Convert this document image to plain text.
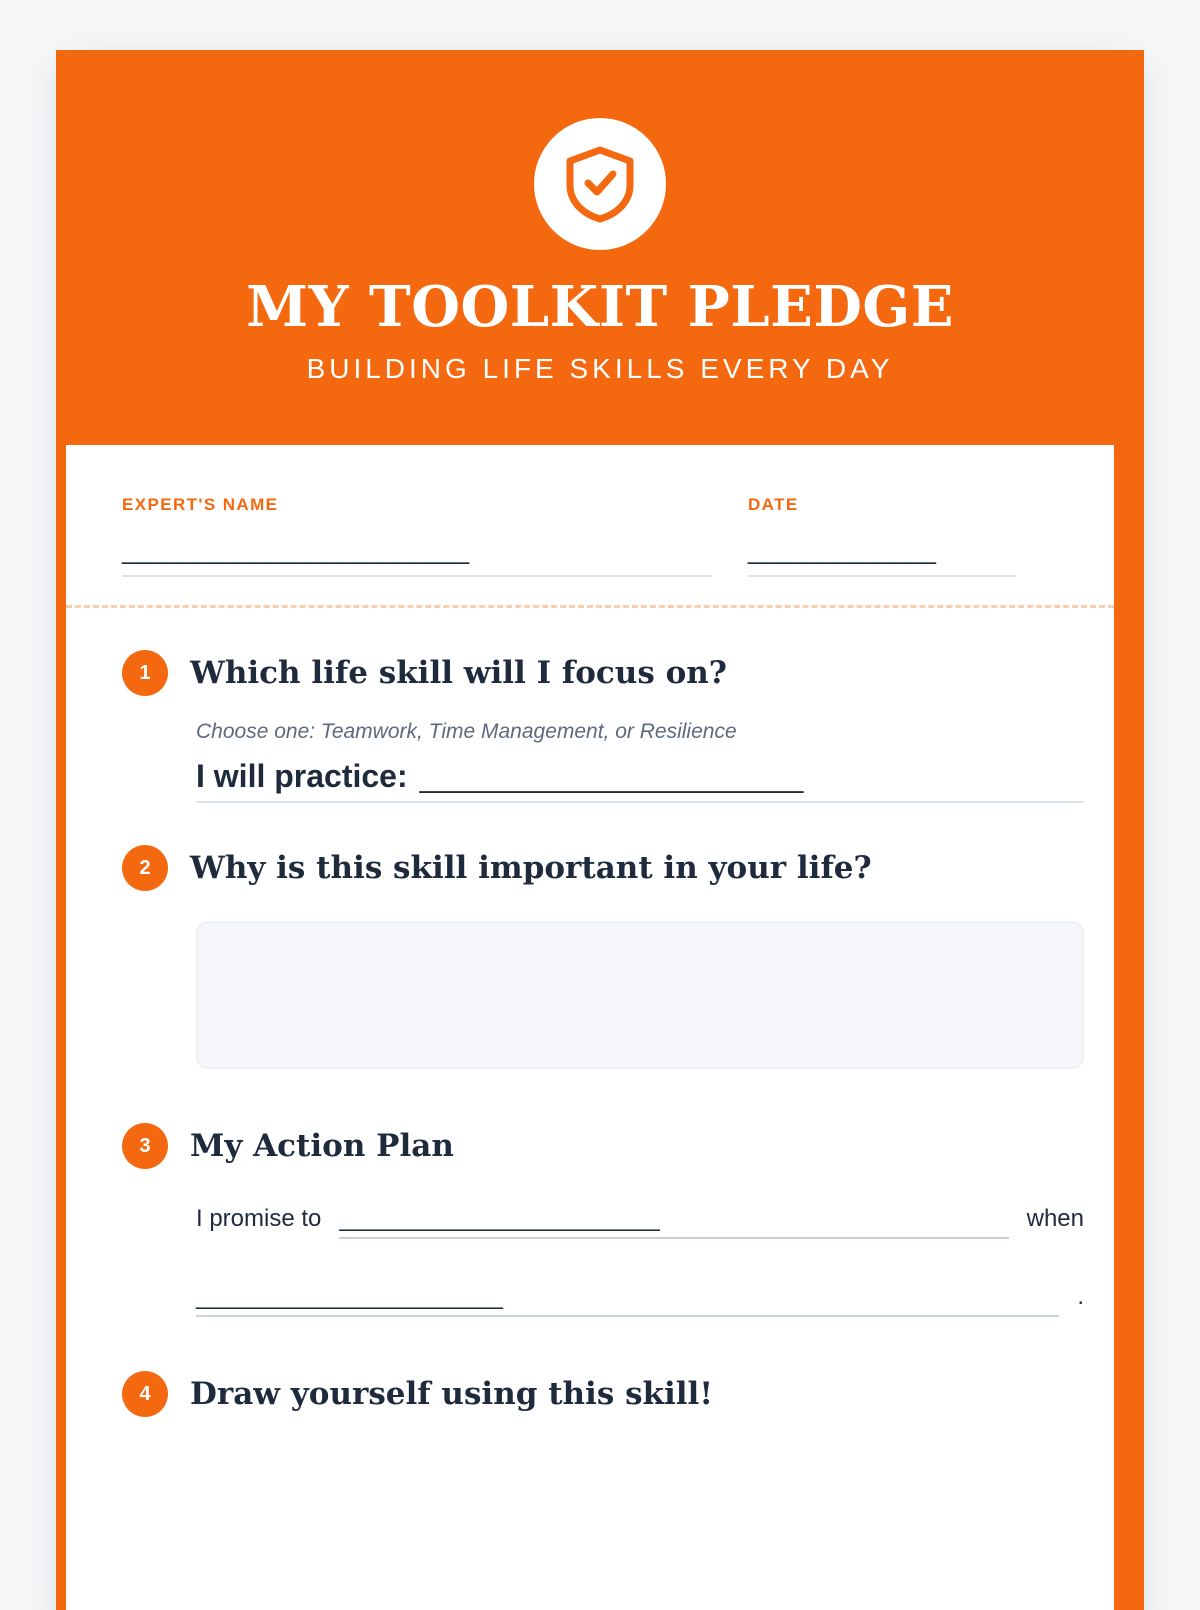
MY TOOLKIT PLEDGE
BUILDING LIFE SKILLS EVERY DAY
EXPERT'S NAME
________________________
DATE
_____________
1	Which life skill will I focus on?
Choose one: Teamwork, Time Management, or Resilience
I will practice: _______________________
2	Why is this skill important in your life?
3	My Action Plan
I promise to ________________________	when
_______________________	.
4	Draw yourself using this skill!
